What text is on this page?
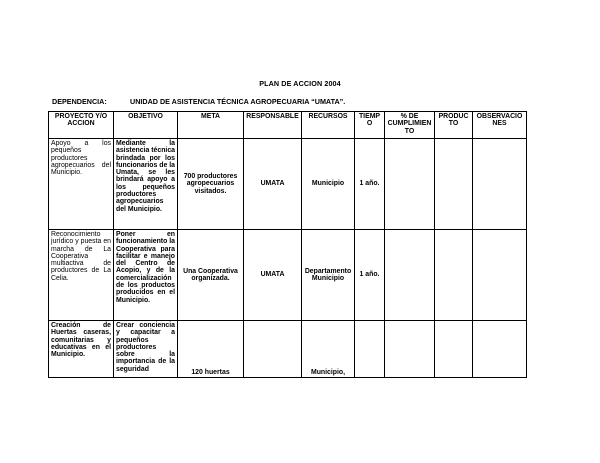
PLAN DE ACCION 2004
DEPENDENCIA:	UNIDAD DE ASISTENCIA TÉCNICA AGROPECUARIA “UMATA”.
PROYECTO Y/O ACCION	OBJETIVO	META	RESPONSABLE	RECURSOS	TIEMPO	% DE CUMPLIMIENTO	PRODUCTO	OBSERVACIONES
Apoyo a los pequeños productores agropecuarios del Municipio.	Mediante la asistencia técnica brindada por los funcionarios de la Umata, se les brindará apoyo a los pequeños productores agropecuarios del Municipio.	700 productores agropecuarios visitados.	UMATA	Municipio	1 año.			
Reconocimiento jurídico y puesta en marcha de La Cooperativa multiactiva de productores de La Celia.	Poner en funcionamiento la Cooperativa para facilitar e manejo del Centro de Acopio, y de la comercialización de los productos producidos en el Municipio.	Una Cooperativa organizada.	UMATA	Departamento Municipio	1 año.			
Creación de Huertas caseras, comunitarias y educativas en el Municipio.	Crear conciencia y capacitar a pequeños productores sobre la importancia de la seguridad	120 huertas		Municipio,				
